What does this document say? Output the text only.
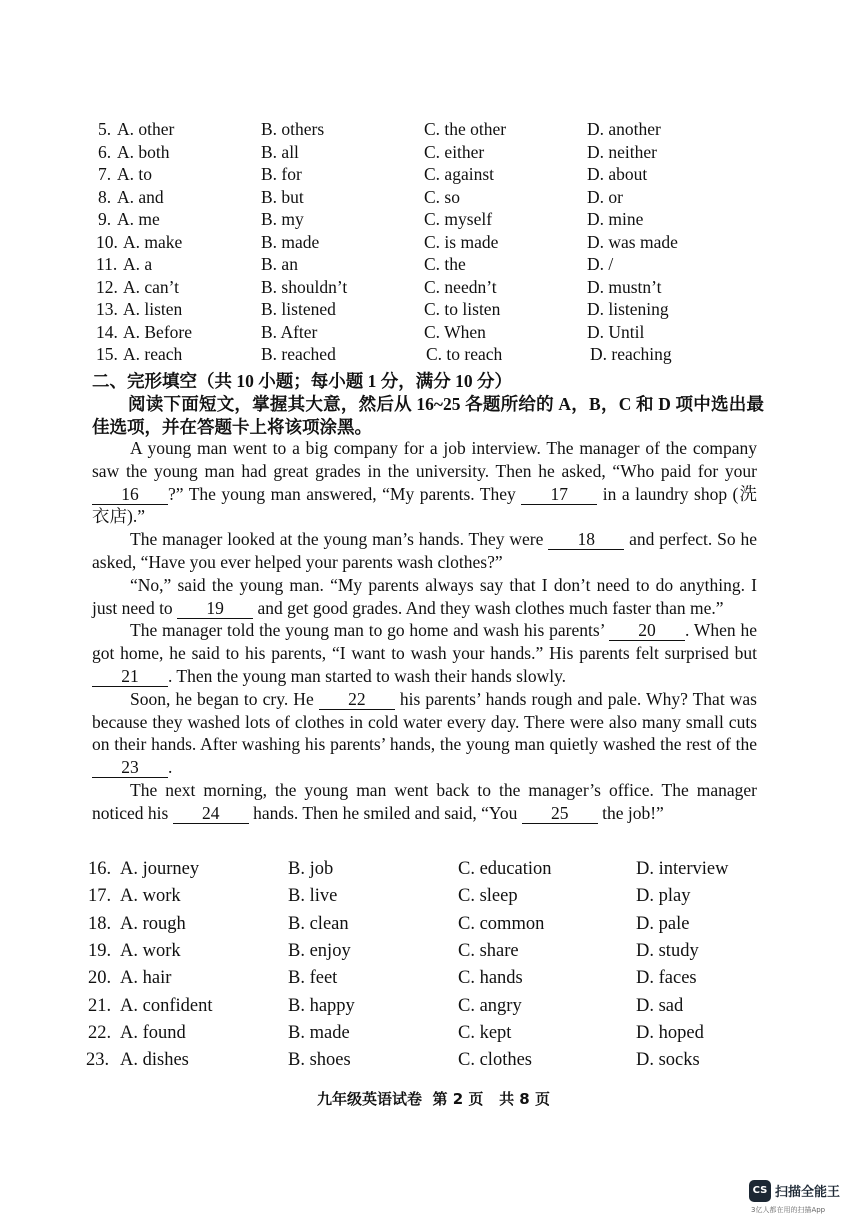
5. A. other	B. others	C. the other	D. another
6. A. both	B. all	C. either	D. neither
7. A. to	B. for	C. against	D. about
8. A. and	B. but	C. so	D. or
9. A. me	B. my	C. myself	D. mine
10. A. make	B. made	C. is made	D. was made
11. A. a	B. an	C. the	D. /
12. A. can’t	B. shouldn’t	C. needn’t	D. mustn’t
13. A. listen	B. listened	C. to listen	D. listening
14. A. Before	B. After	C. When	D. Until
15. A. reach	B. reached	C. to reach	D. reaching
二、完形填空（共 10 小题；每小题 1 分，满分 10 分）
阅读下面短文，掌握其大意，然后从 16~25 各题所给的 A，B，C 和 D 项中选出最佳选项，并在答题卡上将该项涂黑。

A young man went to a big company for a job interview. The manager of the company saw the young man had great grades in the university. Then he asked, “Who paid for your 16 ?” The young man answered, “My parents. They 17 in a laundry shop (洗衣店).”

The manager looked at the young man’s hands. They were 18 and perfect. So he asked, “Have you ever helped your parents wash clothes?”

“No,” said the young man. “My parents always say that I don’t need to do anything. I just need to 19 and get good grades. And they wash clothes much faster than me.”

The manager told the young man to go home and wash his parents’ 20 . When he got home, he said to his parents, “I want to wash your hands.” His parents felt surprised but 21 . Then the young man started to wash their hands slowly.

Soon, he began to cry. He 22 his parents’ hands rough and pale. Why? That was because they washed lots of clothes in cold water every day. There were also many small cuts on their hands. After washing his parents’ hands, the young man quietly washed the rest of the 23 .

The next morning, the young man went back to the manager’s office. The manager noticed his 24 hands. Then he smiled and said, “You 25 the job!”

16. A. journey	B. job	C. education	D. interview
17. A. work	B. live	C. sleep	D. play
18. A. rough	B. clean	C. common	D. pale
19. A. work	B. enjoy	C. share	D. study
20. A. hair	B. feet	C. hands	D. faces
21. A. confident	B. happy	C. angry	D. sad
22. A. found	B. made	C. kept	D. hoped
23. A. dishes	B. shoes	C. clothes	D. socks
九年级英语试卷 第 2 页 共 8 页
CS 扫描全能王
3亿人都在用的扫描App
